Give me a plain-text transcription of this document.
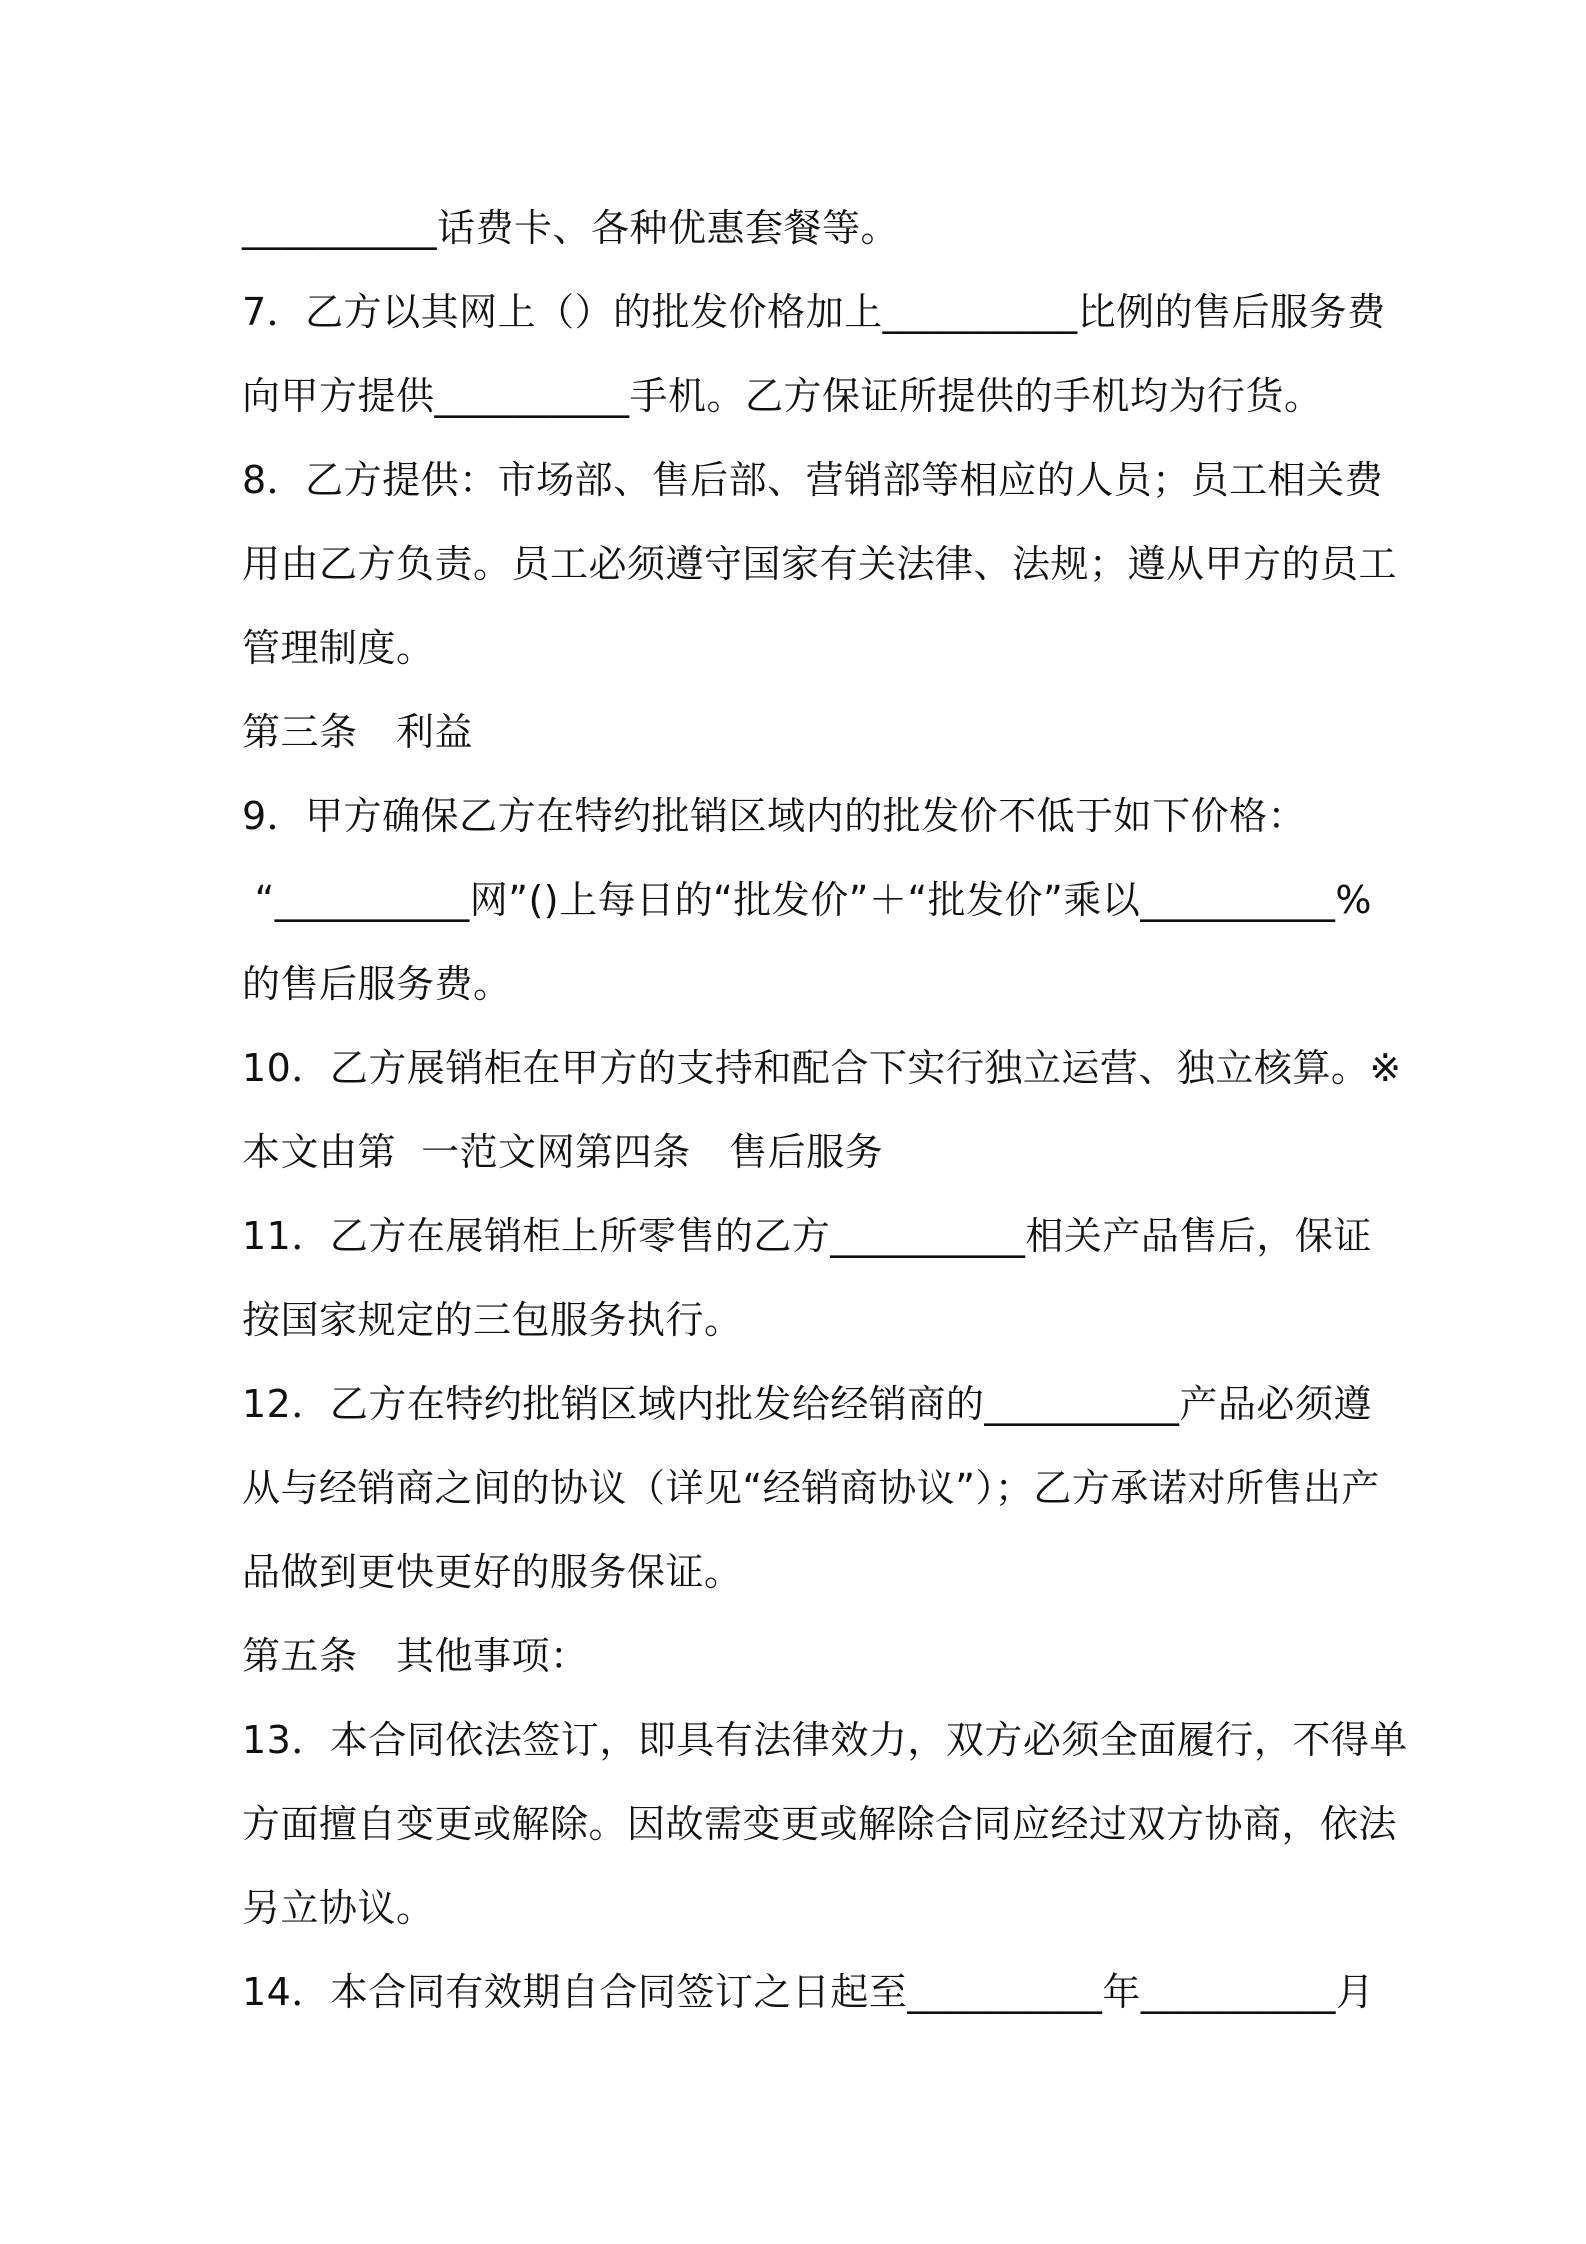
__________话费卡、各种优惠套餐等。
7．乙方以其网上（）的批发价格加上__________比例的售后服务费
向甲方提供__________手机。乙方保证所提供的手机均为行货。
8．乙方提供：市场部、售后部、营销部等相应的人员；员工相关费
用由乙方负责。员工必须遵守国家有关法律、法规；遵从甲方的员工
管理制度。
第三条　利益
9．甲方确保乙方在特约批销区域内的批发价不低于如下价格：
“__________网”()上每日的“批发价”＋“批发价”乘以__________%
的售后服务费。
10．乙方展销柜在甲方的支持和配合下实行独立运营、独立核算。※
本文由第  一范文网第四条　售后服务
11．乙方在展销柜上所零售的乙方__________相关产品售后，保证
按国家规定的三包服务执行。
12．乙方在特约批销区域内批发给经销商的__________产品必须遵
从与经销商之间的协议（详见“经销商协议”）；乙方承诺对所售出产
品做到更快更好的服务保证。
第五条　其他事项：
13．本合同依法签订，即具有法律效力，双方必须全面履行，不得单
方面擅自变更或解除。因故需变更或解除合同应经过双方协商，依法
另立协议。
14．本合同有效期自合同签订之日起至__________年__________月
